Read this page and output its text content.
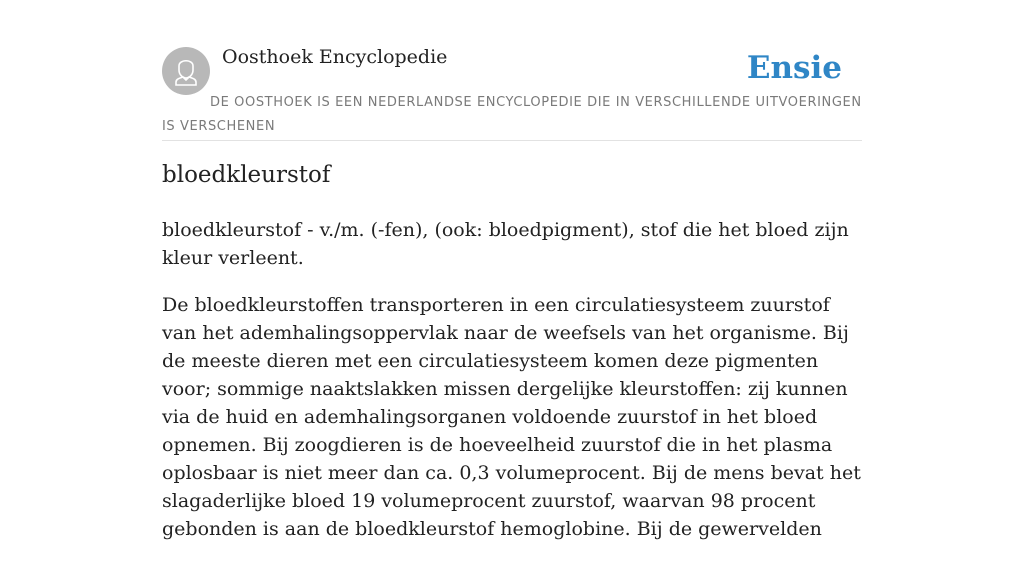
Oosthoek Encyclopedie	Ensie
DE OOSTHOEK IS EEN NEDERLANDSE ENCYCLOPEDIE DIE IN VERSCHILLENDE UITVOERINGEN IS VERSCHENEN
bloedkleurstof

bloedkleurstof - v./m. (-fen), (ook: bloedpigment), stof die het bloed zijn kleur verleent.

De bloedkleurstoffen transporteren in een circulatiesysteem zuurstof van het ademhalingsoppervlak naar de weefsels van het organisme. Bij de meeste dieren met een circulatiesysteem komen deze pigmenten voor; sommige naaktslakken missen dergelijke kleurstoffen: zij kunnen via de huid en ademhalingsorganen voldoende zuurstof in het bloed opnemen. Bij zoogdieren is de hoeveelheid zuurstof die in het plasma oplosbaar is niet meer dan ca. 0,3 volumeprocent. Bij de mens bevat het slagaderlijke bloed 19 volumeprocent zuurstof, waarvan 98 procent gebonden is aan de bloedkleurstof hemoglobine. Bij de gewervelden
